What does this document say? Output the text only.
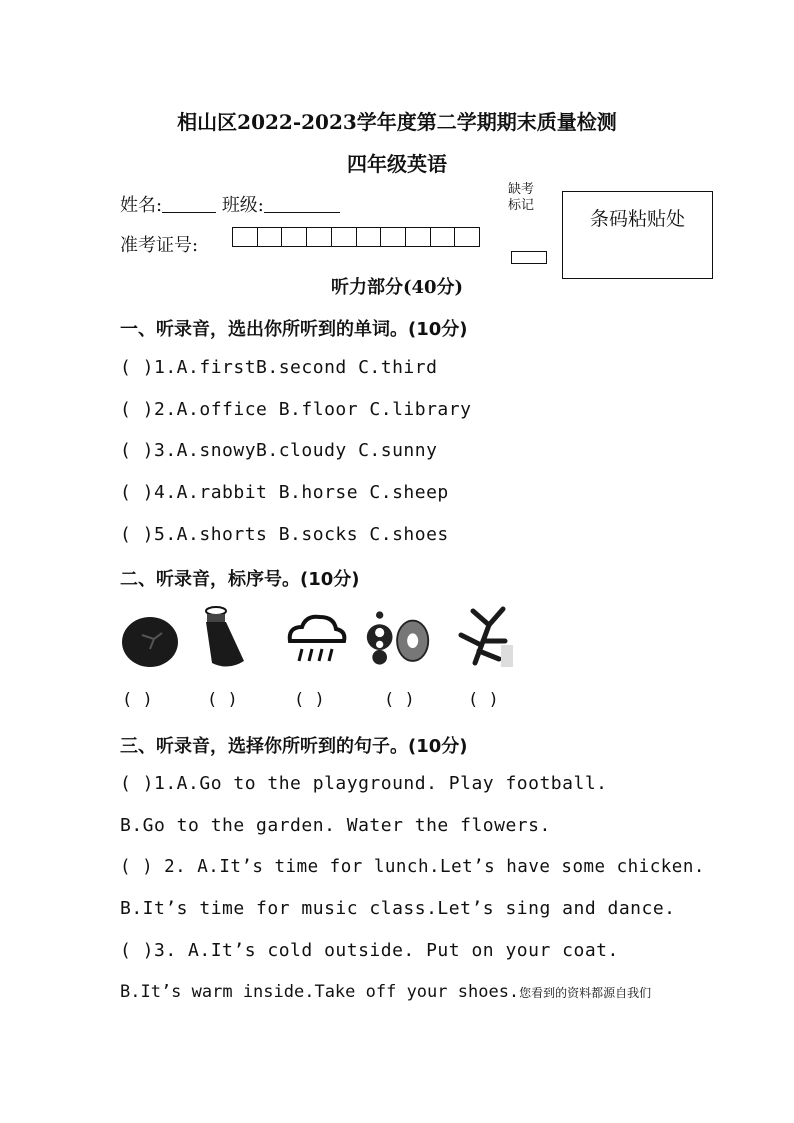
相山区2022-2023学年度第二学期期末质量检测
四年级英语
姓名:	班级:
准考证号:
缺考
标记
条码粘贴处
听力部分(40分)
一、听录音，选出你所听到的单词。(10分)
( )1.A.firstB.second C.third
( )2.A.office B.floor C.library
( )3.A.snowyB.cloudy C.sunny
( )4.A.rabbit B.horse C.sheep
( )5.A.shorts B.socks C.shoes
二、听录音，标序号。(10分)
( )	( )	( )	( )	( )
三、听录音，选择你所听到的句子。(10分)
( )1.A.Go to the playground. Play football.
B.Go to the garden. Water the flowers.
( ) 2. A.It’s time for lunch.Let’s have some chicken.
B.It’s time for music class.Let’s sing and dance.
( )3. A.It’s cold outside. Put on your coat.
B.It’s warm inside.Take off your shoes.您看到的资料都源自我们
